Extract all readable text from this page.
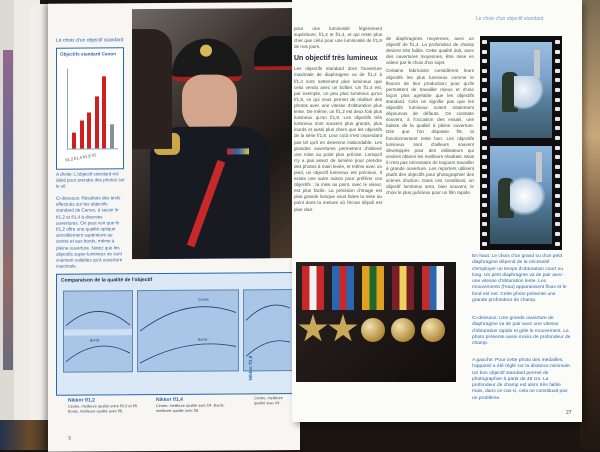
Le choix d'un objectif standard
Objectifs standard Canon
f/1,2 f/1,4 f/1,8 f/2
A droite: L'objectif standard est idéal pour prendre des photos sur le vif.
Ci-dessous: Résultats des tests effectués sur les objectifs standard de Canon, à savoir le f/1,2 et f/1,4 à diverses ouvertures. On peut voir que le f/1,2 offre une qualité optique sensiblement supérieure au centre et aux bords, même à pleine ouverture. Notez que les objectifs super-lumineux ne sont vraiment valables qu'à ouverture maximale.
Comparaison de la qualité de l'objectif
Bords
Centre
Bords
Nikkor f/1,2
Centre, meilleure qualité entre f/5,6 et f/8. Bords, meilleure qualité avec f/8.
Nikkor f/1,4
Centre, meilleure qualité avec f/4. Bords, meilleure qualité avec f/8.
Nikkor f/1,8
Centre, meilleure qualité avec f/4.
3
Le choix d'un objectif standard

pour une luminosité légèrement supérieure, f/1,2 et f/1,4, et qui reste plus cher que celui pour une luminosité de f/1,8 de nos jours.

Un objectif très lumineux

Les objectifs standard dont l'ouverture maximale de diaphragme va de f/1,2 à f/1,4 sont nettement plus lumineux que celui vendu avec un boîtier. Un f/1,4 est, par exemple, un peu plus lumineux qu'un f/1,8, ce qui vous permet de réaliser des photos avec une vitesse d'obturation plus lente. De même, un f/1,2 est deux fois plus lumineux qu'un f/1,8. Les objectifs très lumineux sont souvent plus grands, plus lourds et aussi plus chers que les objectifs de la série f/1,8. Leur coût n'est cependant pas tel qu'il en devienne inabordable. Les grandes ouvertures permettent d'obtenir une mise au point plus précise. Lorsqu'il n'y a pas assez de lumière pour prendre des photos à main levée, et même avec un pied, un objectif lumineux est précieux. Il existe une autre raison pour préférer ces objectifs : la mise au point, avec le viseur, est plus facile. La précision d'image est plus grande lorsque vous faites la mise au point dans la mesure où l'écran dépoli est plus clair.

de diaphragmes moyennes, avec un objectif de f/1,4. La profondeur de champ devient très faible. Cette qualité doit, avec des ouvertures moyennes, être mise en valeur par le choix d'un sujet.

Certains fabricants considèrent leurs objectifs les plus lumineux comme le fleuron de leur production; pour qu'ils permettent de travailler mieux et d'une façon plus agréable que les objectifs standard. Cela ne signifie pas que les objectifs lumineux soient totalement dépourvus de défauts. On constate souvent, à l'occasion des essais, une baisse de la qualité à pleine ouverture. Dès que l'on dépasse f/8, la fonctionnement reste bon. Les objectifs lumineux sont d'ailleurs souvent développés pour des utilisateurs qui veulent obtenir les meilleurs résultats. Mais il n'est pas nécessaire de toujours travailler à grande ouverture. Les reporters utilisent plutôt des objectifs pour photographier des scènes d'action. Dans ces conditions, un objectif lumineux sera, bien souvent, le choix le plus judicieux pour un film rapide.

En haut: Le choix d'un grand ou d'un petit diaphragme dépend de la nécessité d'employer un temps d'obturation court ou long. Un petit diaphragme va de pair avec une vitesse d'obturation lente. Les mouvements (l'eau) apparaissent flous et le fond est net. Cette photo présente une grande profondeur de champ.
Ci-dessous: Une grande ouverture de diaphragme va de pair avec une vitesse d'obturation rapide et gèle le mouvement. La photo présente aussi moins de profondeur de champ.
A gauche: Pour cette photo des médailles, l'appareil a été réglé sur la distance minimale. Un bon objectif standard permet de photographier à partir de 45 cm. La profondeur de champ est alors très faible mais, dans ce cas-ci, cela ne constituait pas un problème.
27
